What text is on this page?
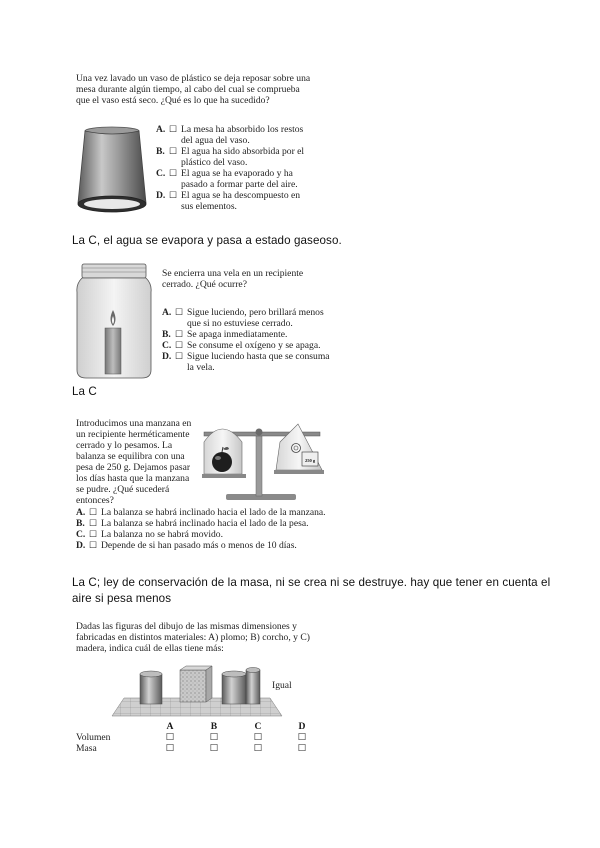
Una vez lavado un vaso de plástico se deja reposar sobre una
mesa durante algún tiempo, al cabo del cual se comprueba
que el vaso está seco. ¿Qué es lo que ha sucedido?
A. ☐ La mesa ha absorbido los restos del agua del vaso.
B. ☐ El agua ha sido absorbida por el plástico del vaso.
C. ☐ El agua se ha evaporado y ha pasado a formar parte del aire.
D. ☐ El agua se ha descompuesto en sus elementos.
La C, el agua se evapora y pasa a estado gaseoso.
Se encierra una vela en un recipiente cerrado. ¿Qué ocurre?
A. ☐ Sigue luciendo, pero brillará menos que si no estuviese cerrado.
B. ☐ Se apaga inmediatamente.
C. ☐ Se consume el oxígeno y se apaga.
D. ☐ Sigue luciendo hasta que se consuma la vela.
La C
Introducimos una manzana en un recipiente herméticamente cerrado y lo pesamos. La balanza se equilibra con una pesa de 250 g. Dejamos pasar los días hasta que la manzana se pudre. ¿Qué sucederá entonces?
250 g
A. ☐ La balanza se habrá inclinado hacia el lado de la manzana.
B. ☐ La balanza se habrá inclinado hacia el lado de la pesa.
C. ☐ La balanza no se habrá movido.
D. ☐ Depende de si han pasado más o menos de 10 días.
La C; ley de conservación de la masa, ni se crea ni se destruye. hay que tener en cuenta el
aire si pesa menos
Dadas las figuras del dibujo de las mismas dimensiones y fabricadas en distintos materiales: A) plomo; B) corcho, y C) madera, indica cuál de ellas tiene más:
Igual
	A	B	C	D
Volumen	☐	☐	☐	☐
Masa	☐	☐	☐	☐
